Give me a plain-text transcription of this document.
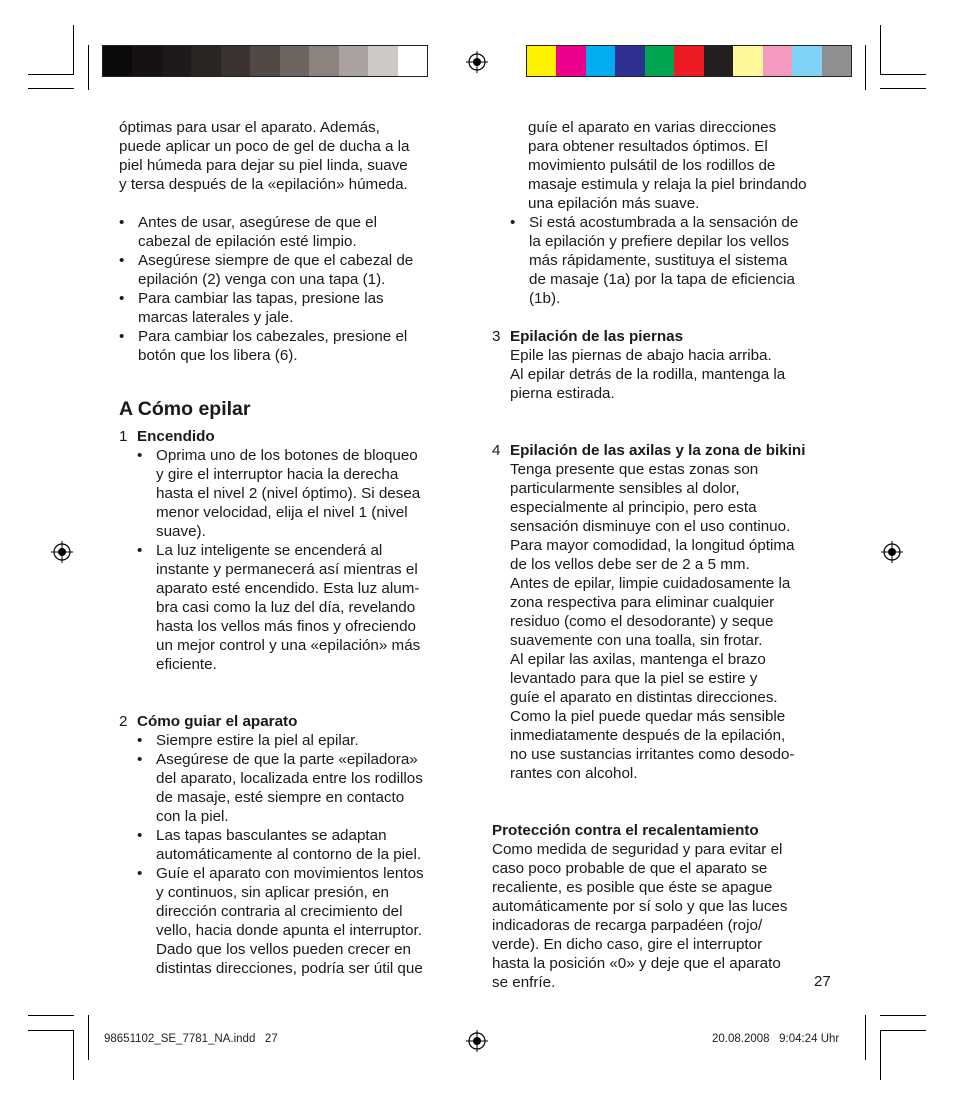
óptimas para usar el aparato. Además,

puede aplicar un poco de gel de ducha a la

piel húmeda para dejar su piel linda, suave

y tersa después de la «epilación» húmeda.

• Antes de usar, asegúrese de que el

cabezal de epilación esté limpio.

• Asegúrese siempre de que el cabezal de

epilación (2) venga con una tapa (1).

• Para cambiar las tapas, presione las

marcas laterales y jale.

• Para cambiar los cabezales, presione el

botón que los libera (6).

A Cómo epilar
1 Encendido

• Oprima uno de los botones de bloqueo

y gire el interruptor hacia la derecha

hasta el nivel 2 (nivel óptimo). Si desea

menor velocidad, elija el nivel 1 (nivel

suave).

• La luz inteligente se encenderá al

instante y permanecerá así mientras el

aparato esté encendido. Esta luz alum-

bra casi como la luz del día, revelando

hasta los vellos más finos y ofreciendo

un mejor control y una «epilación» más

eficiente.

2 Cómo guiar el aparato

• Siempre estire la piel al epilar.

• Asegúrese de que la parte «epiladora»

del aparato, localizada entre los rodillos

de masaje, esté siempre en contacto

con la piel.

• Las tapas basculantes se adaptan

automáticamente al contorno de la piel.

• Guíe el aparato con movimientos lentos

y continuos, sin aplicar presión, en

dirección contraria al crecimiento del

vello, hacia donde apunta el interruptor.

Dado que los vellos pueden crecer en

distintas direcciones, podría ser útil que

guíe el aparato en varias direcciones

para obtener resultados óptimos. El

movimiento pulsátil de los rodillos de

masaje estimula y relaja la piel brindando

una epilación más suave.

• Si está acostumbrada a la sensación de

la epilación y prefiere depilar los vellos

más rápidamente, sustituya el sistema

de masaje (1a) por la tapa de eficiencia

(1b).

3 Epilación de las piernas

Epile las piernas de abajo hacia arriba.

Al epilar detrás de la rodilla, mantenga la

pierna estirada.

4 Epilación de las axilas y la zona de bikini

Tenga presente que estas zonas son

particularmente sensibles al dolor,

especialmente al principio, pero esta

sensación disminuye con el uso continuo.

Para mayor comodidad, la longitud óptima

de los vellos debe ser de 2 a 5 mm.

Antes de epilar, limpie cuidadosamente la

zona respectiva para eliminar cualquier

residuo (como el desodorante) y seque

suavemente con una toalla, sin frotar.

Al epilar las axilas, mantenga el brazo

levantado para que la piel se estire y

guíe el aparato en distintas direcciones.

Como la piel puede quedar más sensible

inmediatamente después de la epilación,

no use sustancias irritantes como desodo-

rantes con alcohol.

Protección contra el recalentamiento

Como medida de seguridad y para evitar el

caso poco probable de que el aparato se

recaliente, es posible que éste se apague

automáticamente por sí solo y que las luces

indicadoras de recarga parpadéen (rojo/

verde). En dicho caso, gire el interruptor

hasta la posición «0» y deje que el aparato

se enfríe.	27
98651102_SE_7781_NA.indd   27	20.08.2008   9:04:24 Uhr
